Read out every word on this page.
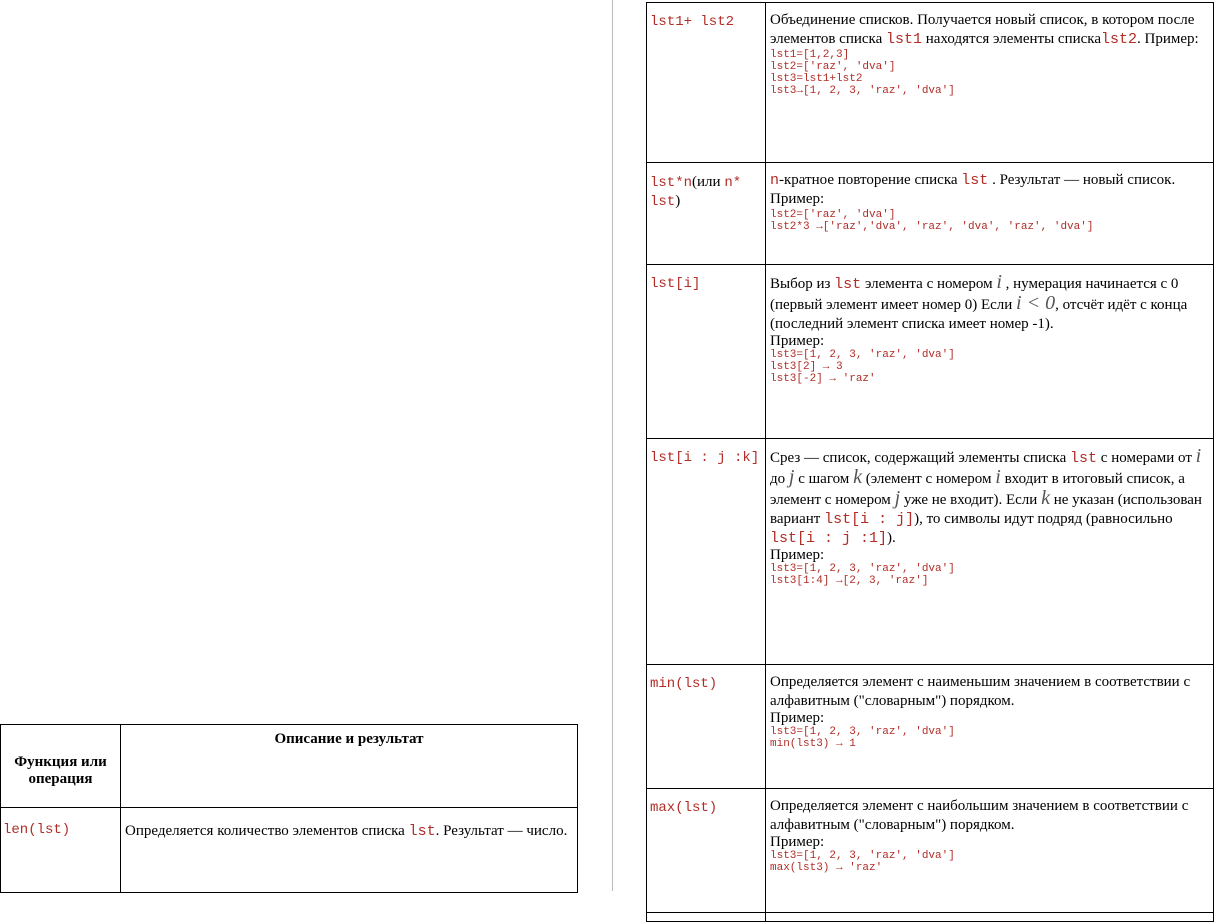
Функция или операция	Описание и результат
len(lst)	Определяется количество элементов списка lst. Результат — число.
lst1+ lst2	Объединение списков. Получается новый список, в котором после элементов списка lst1 находятся элементы спискаlst2. Пример:
lst1=[1,2,3]
lst2=['raz', 'dva']
lst3=lst1+lst2
lst3→[1, 2, 3, 'raz', 'dva']

lst*n(или n* lst)	n-кратное повторение списка lst . Результат — новый список. Пример:
lst2=['raz', 'dva']
lst2*3 →['raz','dva', 'raz', 'dva', 'raz', 'dva']

lst[i]	Выбор из lst элемента с номером i , нумерация начинается с 0 (первый элемент имеет номер 0) Если i < 0, отсчёт идёт с конца (последний элемент списка имеет номер -1).
Пример:
lst3=[1, 2, 3, 'raz', 'dva']
lst3[2] → 3
lst3[-2] → 'raz'

lst[i : j :k]	Срез — список, содержащий элементы списка lst с номерами от i до j с шагом k (элемент с номером i входит в итоговый список, а элемент с номером j уже не входит). Если k не указан (использован вариант lst[i : j]), то символы идут подряд (равносильно lst[i : j :1]).
Пример:
lst3=[1, 2, 3, 'raz', 'dva']
lst3[1:4] →[2, 3, 'raz']

min(lst)	Определяется элемент с наименьшим значением в соответствии с алфавитным ("словарным") порядком.
Пример:
lst3=[1, 2, 3, 'raz', 'dva']
min(lst3) → 1

max(lst)	Определяется элемент с наибольшим значением в соответствии с алфавитным ("словарным") порядком.
Пример:
lst3=[1, 2, 3, 'raz', 'dva']
max(lst3) → 'raz'
